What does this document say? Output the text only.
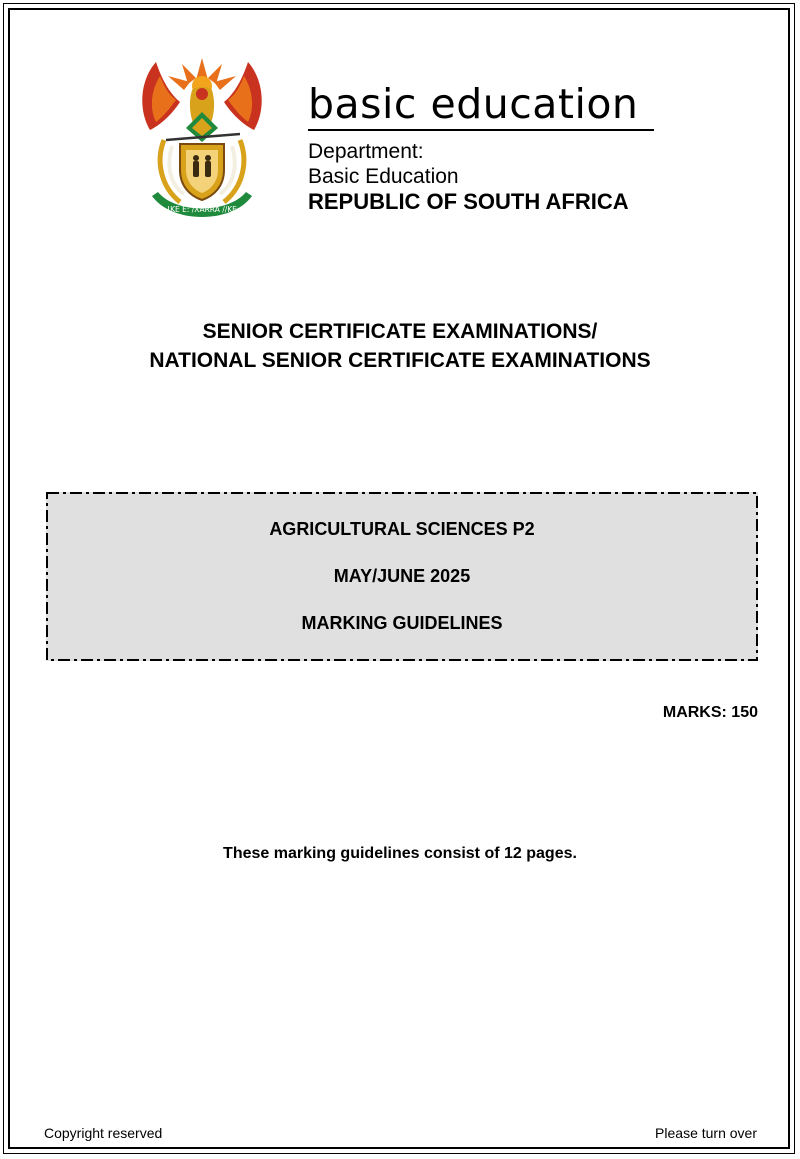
!KE E: /XARRA //KE
basic education
Department:
Basic Education
REPUBLIC OF SOUTH AFRICA
SENIOR CERTIFICATE EXAMINATIONS/
NATIONAL SENIOR CERTIFICATE EXAMINATIONS
AGRICULTURAL SCIENCES P2
MAY/JUNE 2025
MARKING GUIDELINES
MARKS: 150
These marking guidelines consist of 12 pages.
Copyright reserved	Please turn over
